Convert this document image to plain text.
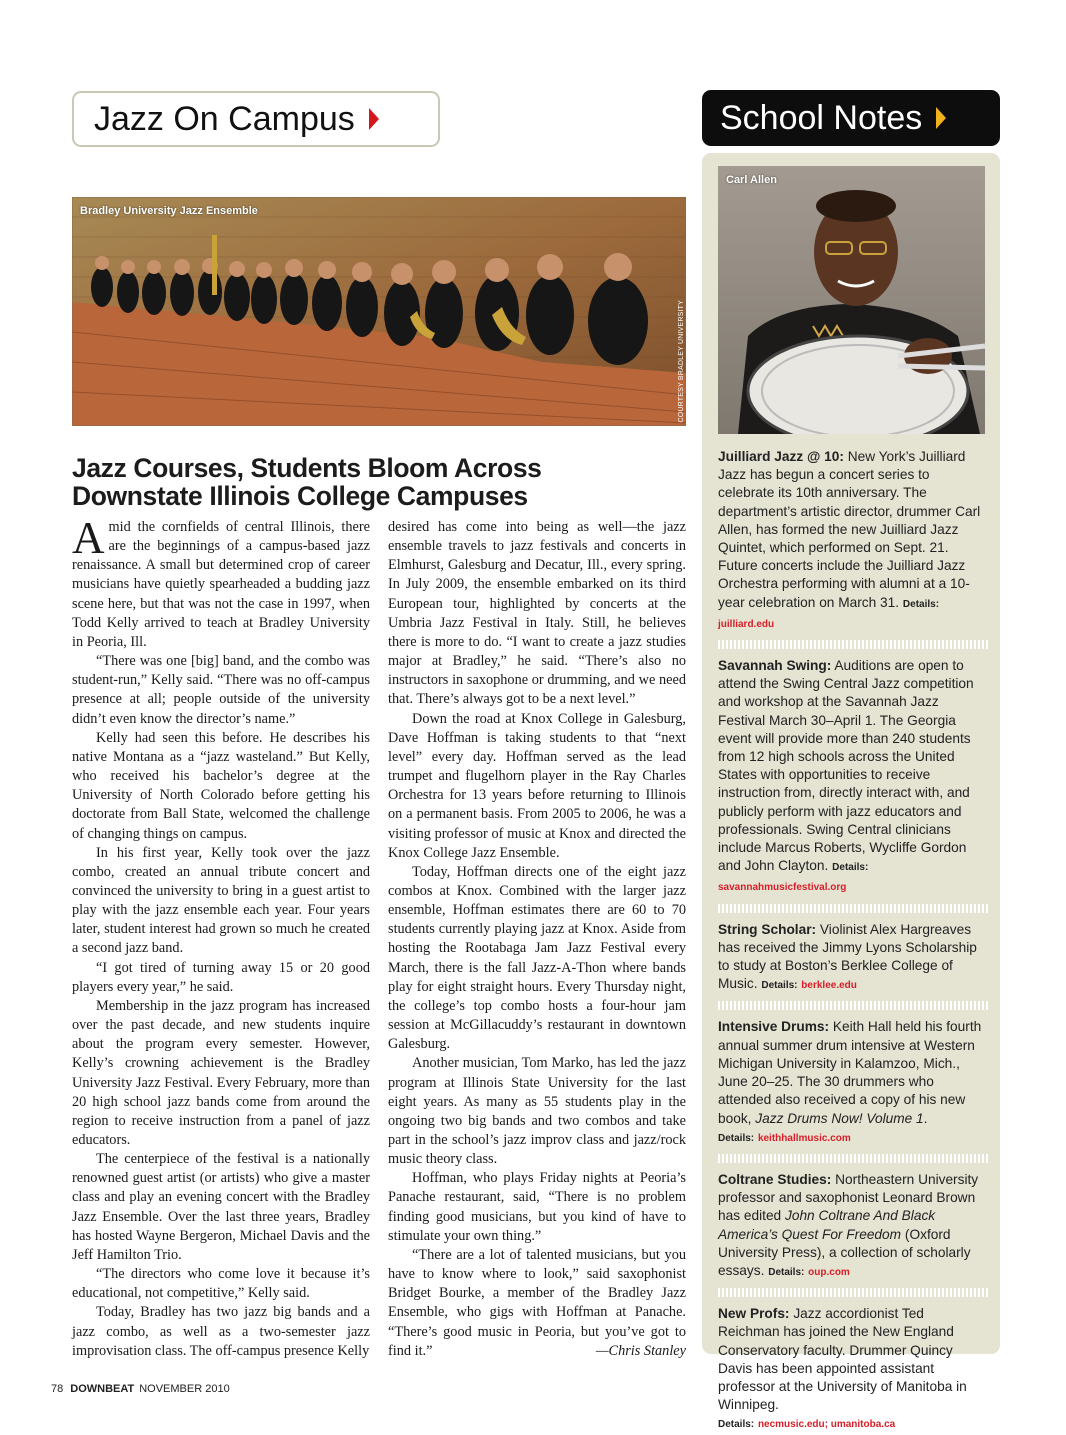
Jazz On Campus	School Notes
Bradley University Jazz Ensemble
COURTESY BRADLEY UNIVERSITY
Carl Allen
Jazz Courses, Students Bloom Across
Downstate Illinois College Campuses

Amid the cornfields of central Illinois, there are the beginnings of a campus-based jazz renaissance. A small but determined crop of career musicians have quietly spearheaded a budding jazz scene here, but that was not the case in 1997, when Todd Kelly arrived to teach at Bradley University in Peoria, Ill.

“There was one [big] band, and the combo was student-run,” Kelly said. “There was no off-campus presence at all; people outside of the university didn’t even know the director’s name.”

Kelly had seen this before. He describes his native Montana as a “jazz wasteland.” But Kelly, who received his bachelor’s degree at the University of North Colorado before getting his doctorate from Ball State, welcomed the challenge of changing things on campus.

In his first year, Kelly took over the jazz combo, created an annual tribute concert and convinced the university to bring in a guest artist to play with the jazz ensemble each year. Four years later, student interest had grown so much he created a second jazz band.

“I got tired of turning away 15 or 20 good players every year,” he said.

Membership in the jazz program has increased over the past decade, and new students inquire about the program every semester. However, Kelly’s crowning achievement is the Bradley University Jazz Festival. Every February, more than 20 high school jazz bands come from around the region to receive instruction from a panel of jazz educators.

The centerpiece of the festival is a nationally renowned guest artist (or artists) who give a master class and play an evening concert with the Bradley Jazz Ensemble. Over the last three years, Bradley has hosted Wayne Bergeron, Michael Davis and the Jeff Hamilton Trio.

“The directors who come love it because it’s educational, not competitive,” Kelly said.

Today, Bradley has two jazz big bands and a jazz combo, as well as a two-semester jazz improvisation class. The off-campus presence Kelly

desired has come into being as well—the jazz ensemble travels to jazz festivals and concerts in Elmhurst, Galesburg and Decatur, Ill., every spring. In July 2009, the ensemble embarked on its third European tour, highlighted by concerts at the Umbria Jazz Festival in Italy. Still, he believes there is more to do. “I want to create a jazz studies major at Bradley,” he said. “There’s also no instructors in saxophone or drumming, and we need that. There’s always got to be a next level.”

Down the road at Knox College in Galesburg, Dave Hoffman is taking students to that “next level” every day. Hoffman served as the lead trumpet and flugelhorn player in the Ray Charles Orchestra for 13 years before returning to Illinois on a permanent basis. From 2005 to 2006, he was a visiting professor of music at Knox and directed the Knox College Jazz Ensemble.

Today, Hoffman directs one of the eight jazz combos at Knox. Combined with the larger jazz ensemble, Hoffman estimates there are 60 to 70 students currently playing jazz at Knox. Aside from hosting the Rootabaga Jam Jazz Festival every March, there is the fall Jazz-A-Thon where bands play for eight straight hours. Every Thursday night, the college’s top combo hosts a four-hour jam session at McGillacuddy’s restaurant in downtown Galesburg.

Another musician, Tom Marko, has led the jazz program at Illinois State University for the last eight years. As many as 55 students play in the ongoing two big bands and two combos and take part in the school’s jazz improv class and jazz/rock music theory class.

Hoffman, who plays Friday nights at Peoria’s Panache restaurant, said, “There is no problem finding good musicians, but you kind of have to stimulate your own thing.”

“There are a lot of talented musicians, but you have to know where to look,” said saxophonist Bridget Bourke, a member of the Bradley Jazz Ensemble, who gigs with Hoffman at Panache. “There’s good music in Peoria, but you’ve got to find it.”	—Chris Stanley

Juilliard Jazz @ 10: New York’s Juilliard Jazz has begun a concert series to celebrate its 10th anniversary. The department’s artistic director, drummer Carl Allen, has formed the new Juilliard Jazz Quintet, which performed on Sept. 21. Future concerts include the Juilliard Jazz Orchestra performing with alumni at a 10-year celebration on March 31. Details: juilliard.edu

Savannah Swing: Auditions are open to attend the Swing Central Jazz competition and workshop at the Savannah Jazz Festival March 30–April 1. The Georgia event will provide more than 240 students from 12 high schools across the United States with opportunities to receive instruction from, directly interact with, and publicly perform with jazz educators and professionals. Swing Central clinicians include Marcus Roberts, Wycliffe Gordon and John Clayton. Details: savannahmusicfestival.org

String Scholar: Violinist Alex Hargreaves has received the Jimmy Lyons Scholarship to study at Boston’s Berklee College of Music. Details: berklee.edu

Intensive Drums: Keith Hall held his fourth annual summer drum intensive at Western Michigan University in Kalamzoo, Mich., June 20–25. The 30 drummers who attended also received a copy of his new book, Jazz Drums Now! Volume 1.
Details: keithhallmusic.com

Coltrane Studies: Northeastern University professor and saxophonist Leonard Brown has edited John Coltrane And Black America’s Quest For Freedom (Oxford University Press), a collection of scholarly essays. Details: oup.com

New Profs: Jazz accordionist Ted Reichman has joined the New England Conservatory faculty. Drummer Quincy Davis has been appointed assistant professor at the University of Manitoba in Winnipeg.
Details: necmusic.edu; umanitoba.ca

78 DOWNBEAT NOVEMBER 2010
